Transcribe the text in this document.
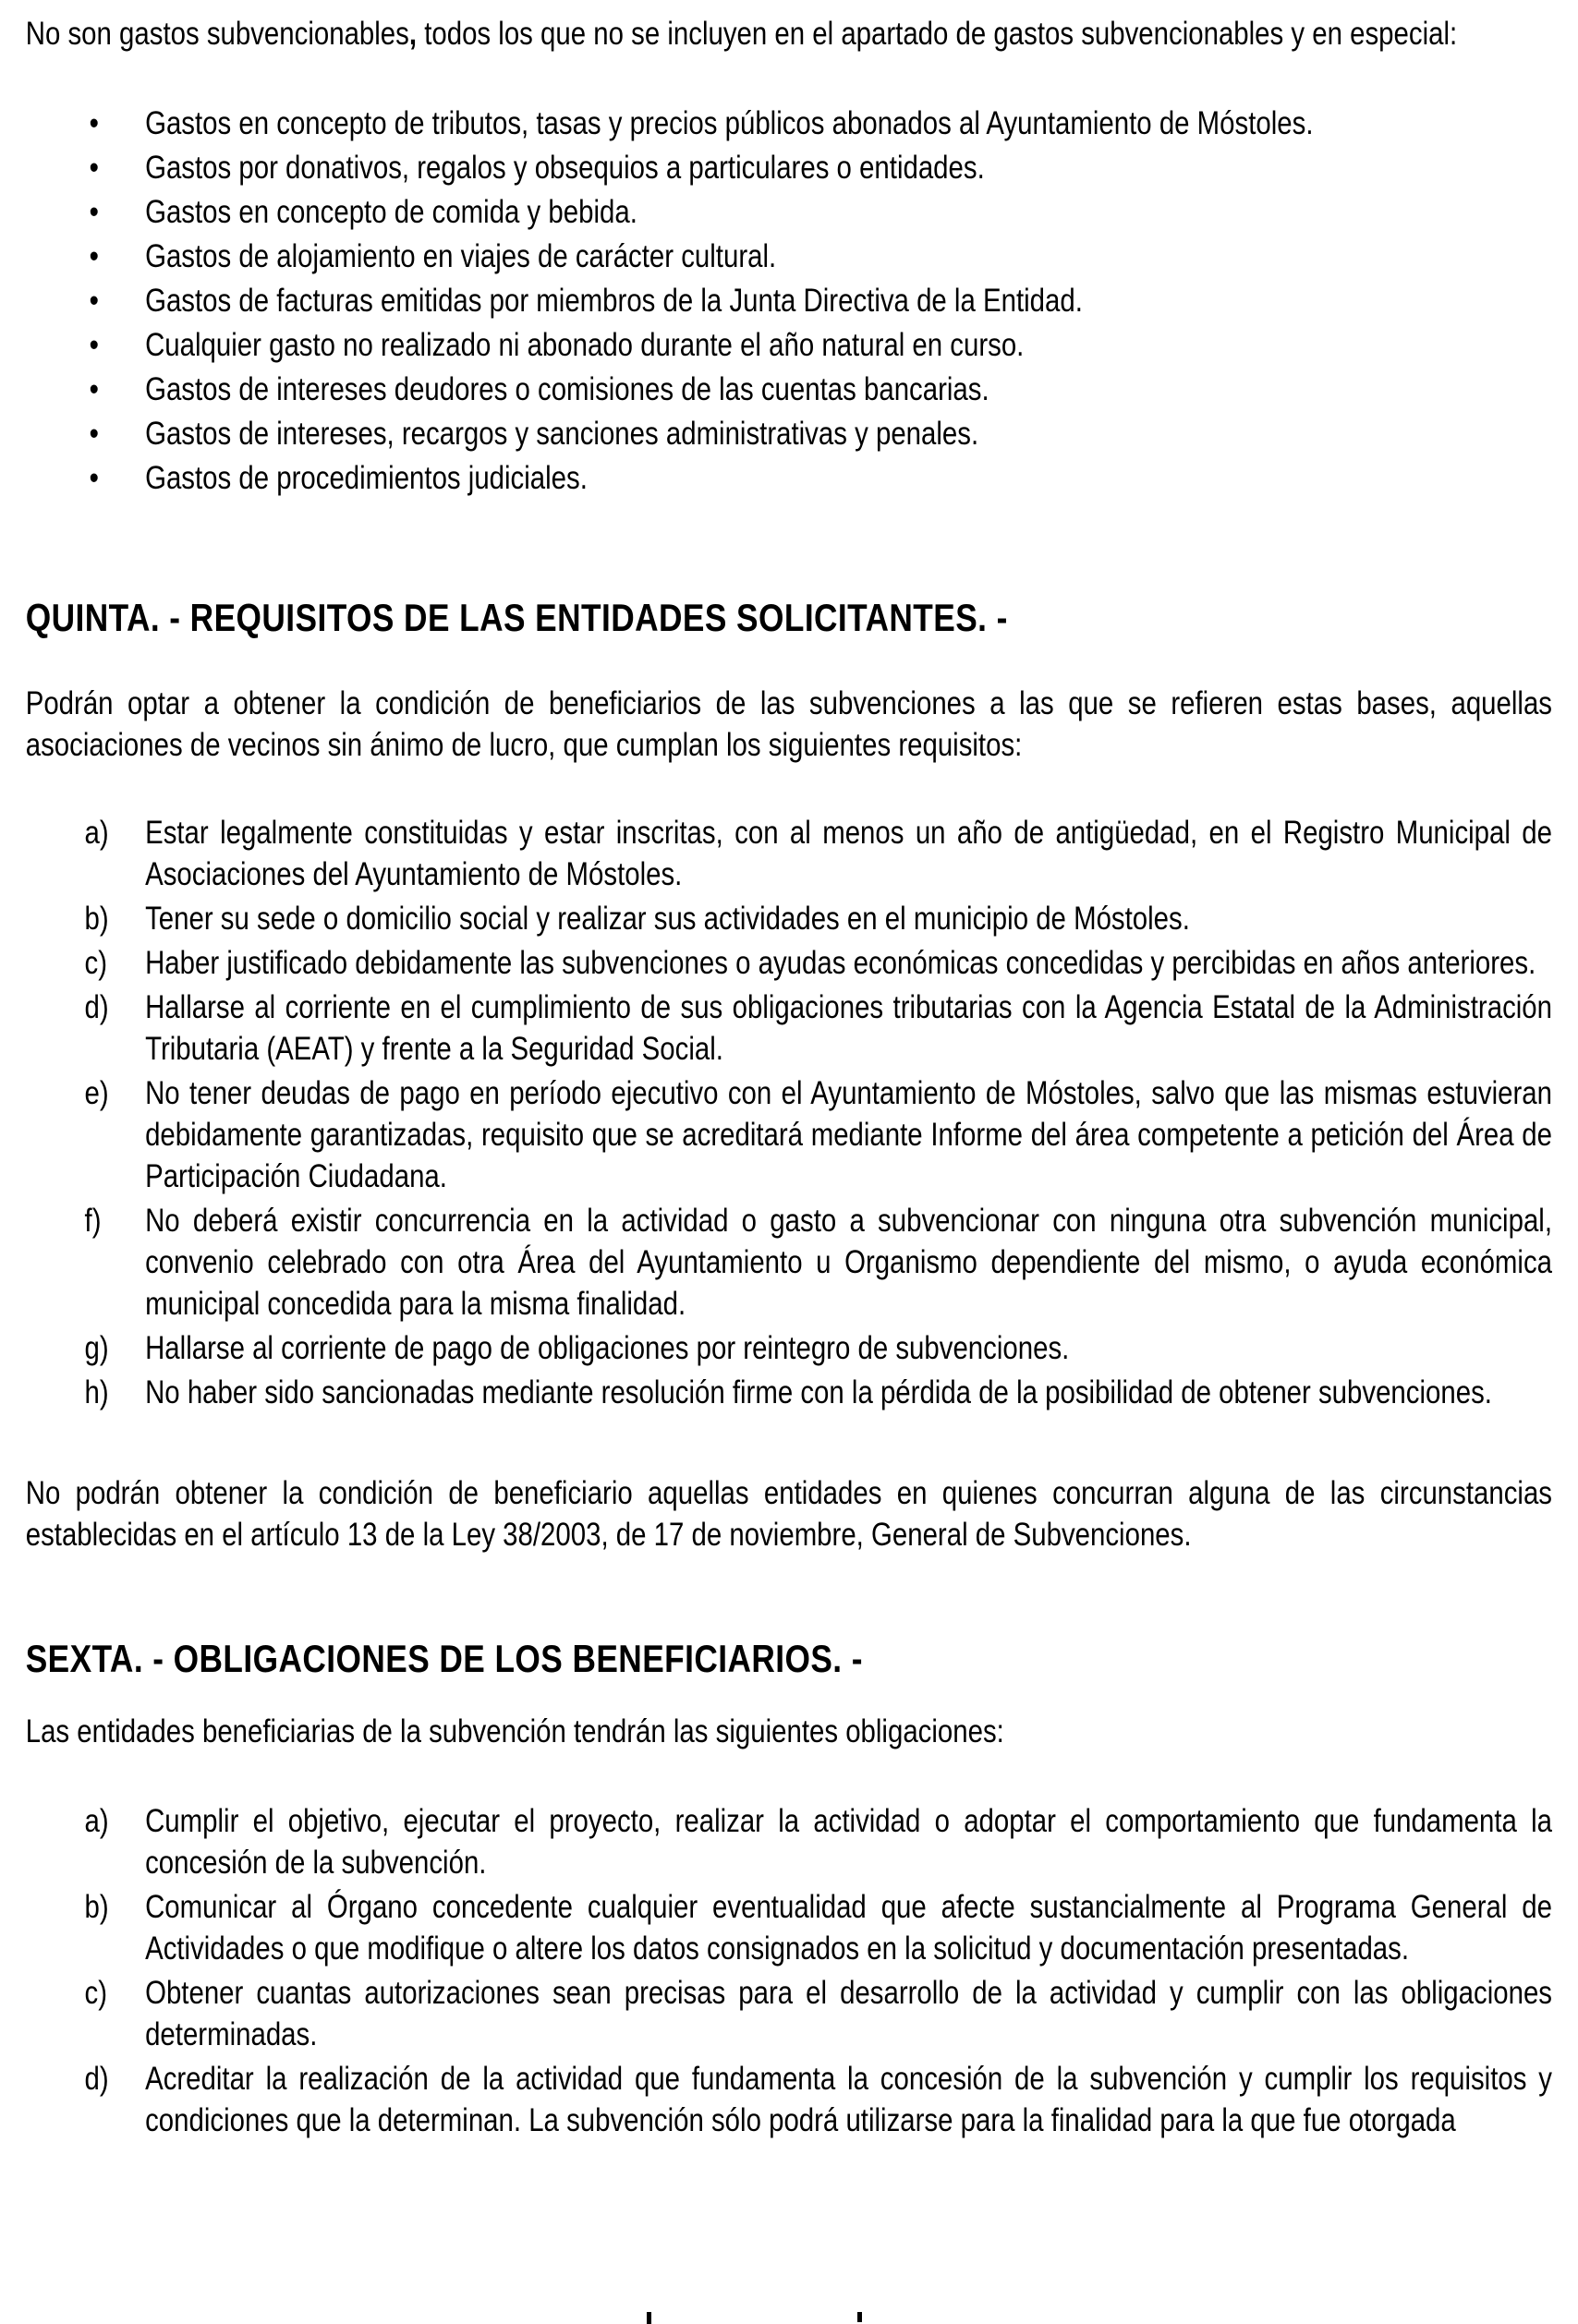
No son gastos subvencionables, todos los que no se incluyen en el apartado de gastos subvencionables y en especial:

• Gastos en concepto de tributos, tasas y precios públicos abonados al Ayuntamiento de Móstoles.
• Gastos por donativos, regalos y obsequios a particulares o entidades.
• Gastos en concepto de comida y bebida.
• Gastos de alojamiento en viajes de carácter cultural.
• Gastos de facturas emitidas por miembros de la Junta Directiva de la Entidad.
• Cualquier gasto no realizado ni abonado durante el año natural en curso.
• Gastos de intereses deudores o comisiones de las cuentas bancarias.
• Gastos de intereses, recargos y sanciones administrativas y penales.
• Gastos de procedimientos judiciales.
QUINTA. - REQUISITOS DE LAS ENTIDADES SOLICITANTES. -

Podrán optar a obtener la condición de beneficiarios de las subvenciones a las que se refieren estas bases, aquellas asociaciones de vecinos sin ánimo de lucro, que cumplan los siguientes requisitos:

a) Estar legalmente constituidas y estar inscritas, con al menos un año de antigüedad, en el Registro Municipal de Asociaciones del Ayuntamiento de Móstoles.
b) Tener su sede o domicilio social y realizar sus actividades en el municipio de Móstoles.
c) Haber justificado debidamente las subvenciones o ayudas económicas concedidas y percibidas en años anteriores.
d) Hallarse al corriente en el cumplimiento de sus obligaciones tributarias con la Agencia Estatal de la Administración Tributaria (AEAT) y frente a la Seguridad Social.
e) No tener deudas de pago en período ejecutivo con el Ayuntamiento de Móstoles, salvo que las mismas estuvieran debidamente garantizadas, requisito que se acreditará mediante Informe del área competente a petición del Área de Participación Ciudadana.
f) No deberá existir concurrencia en la actividad o gasto a subvencionar con ninguna otra subvención municipal, convenio celebrado con otra Área del Ayuntamiento u Organismo dependiente del mismo, o ayuda económica municipal concedida para la misma finalidad.
g) Hallarse al corriente de pago de obligaciones por reintegro de subvenciones.
h) No haber sido sancionadas mediante resolución firme con la pérdida de la posibilidad de obtener subvenciones.

No podrán obtener la condición de beneficiario aquellas entidades en quienes concurran alguna de las circunstancias establecidas en el artículo 13 de la Ley 38/2003, de 17 de noviembre, General de Subvenciones.

SEXTA. - OBLIGACIONES DE LOS BENEFICIARIOS. -

Las entidades beneficiarias de la subvención tendrán las siguientes obligaciones:

a) Cumplir el objetivo, ejecutar el proyecto, realizar la actividad o adoptar el comportamiento que fundamenta la concesión de la subvención.
b) Comunicar al Órgano concedente cualquier eventualidad que afecte sustancialmente al Programa General de Actividades o que modifique o altere los datos consignados en la solicitud y documentación presentadas.
c) Obtener cuantas autorizaciones sean precisas para el desarrollo de la actividad y cumplir con las obligaciones determinadas.
d) Acreditar la realización de la actividad que fundamenta la concesión de la subvención y cumplir los requisitos y condiciones que la determinan. La subvención sólo podrá utilizarse para la finalidad para la que fue otorgada
